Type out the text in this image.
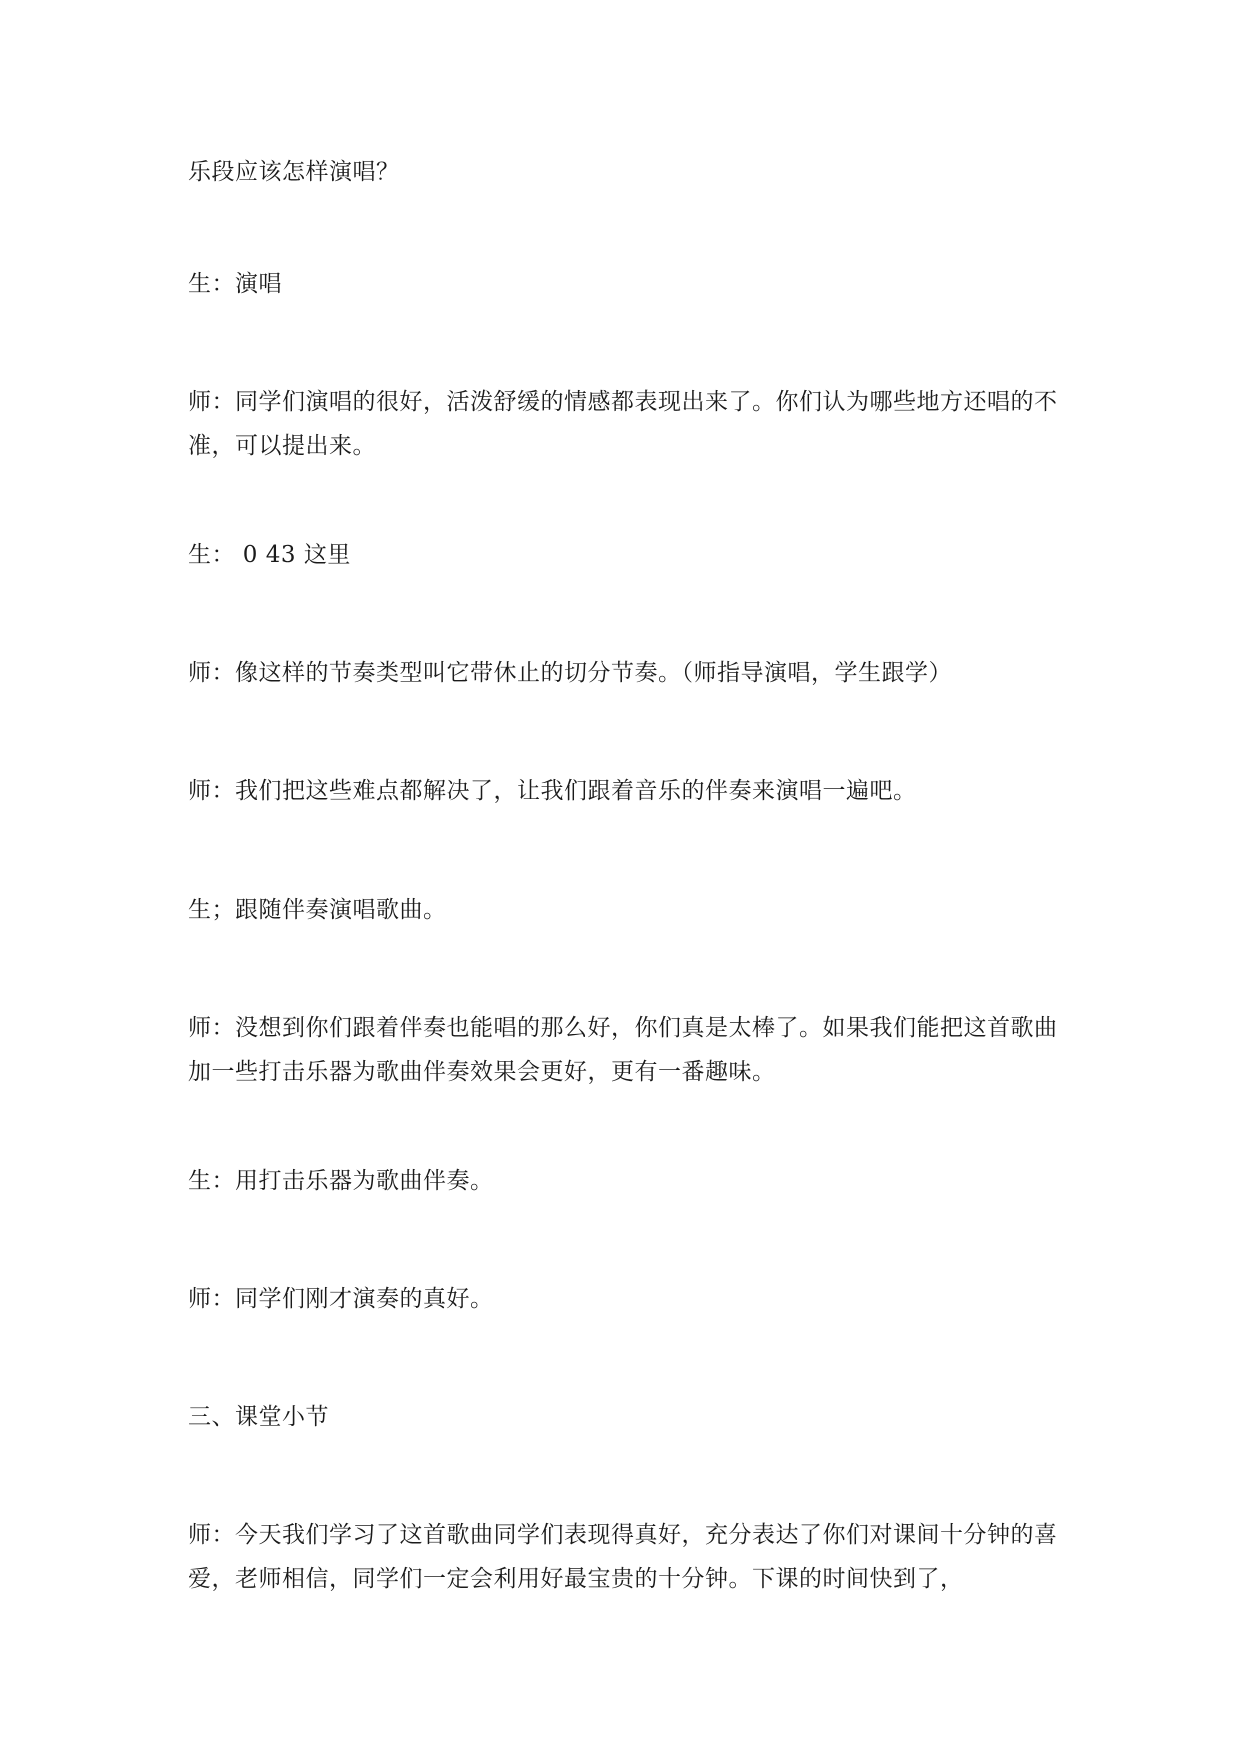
乐段应该怎样演唱？

生：演唱

师：同学们演唱的很好，活泼舒缓的情感都表现出来了。你们认为哪些地方还唱的不准，可以提出来。

生： 0 43 这里

师：像这样的节奏类型叫它带休止的切分节奏。（师指导演唱，学生跟学）

师：我们把这些难点都解决了，让我们跟着音乐的伴奏来演唱一遍吧。

生；跟随伴奏演唱歌曲。

师：没想到你们跟着伴奏也能唱的那么好，你们真是太棒了。如果我们能把这首歌曲加一些打击乐器为歌曲伴奏效果会更好，更有一番趣味。

生：用打击乐器为歌曲伴奏。

师：同学们刚才演奏的真好。

三、课堂小节

师：今天我们学习了这首歌曲同学们表现得真好，充分表达了你们对课间十分钟的喜爱，老师相信，同学们一定会利用好最宝贵的十分钟。下课的时间快到了，
